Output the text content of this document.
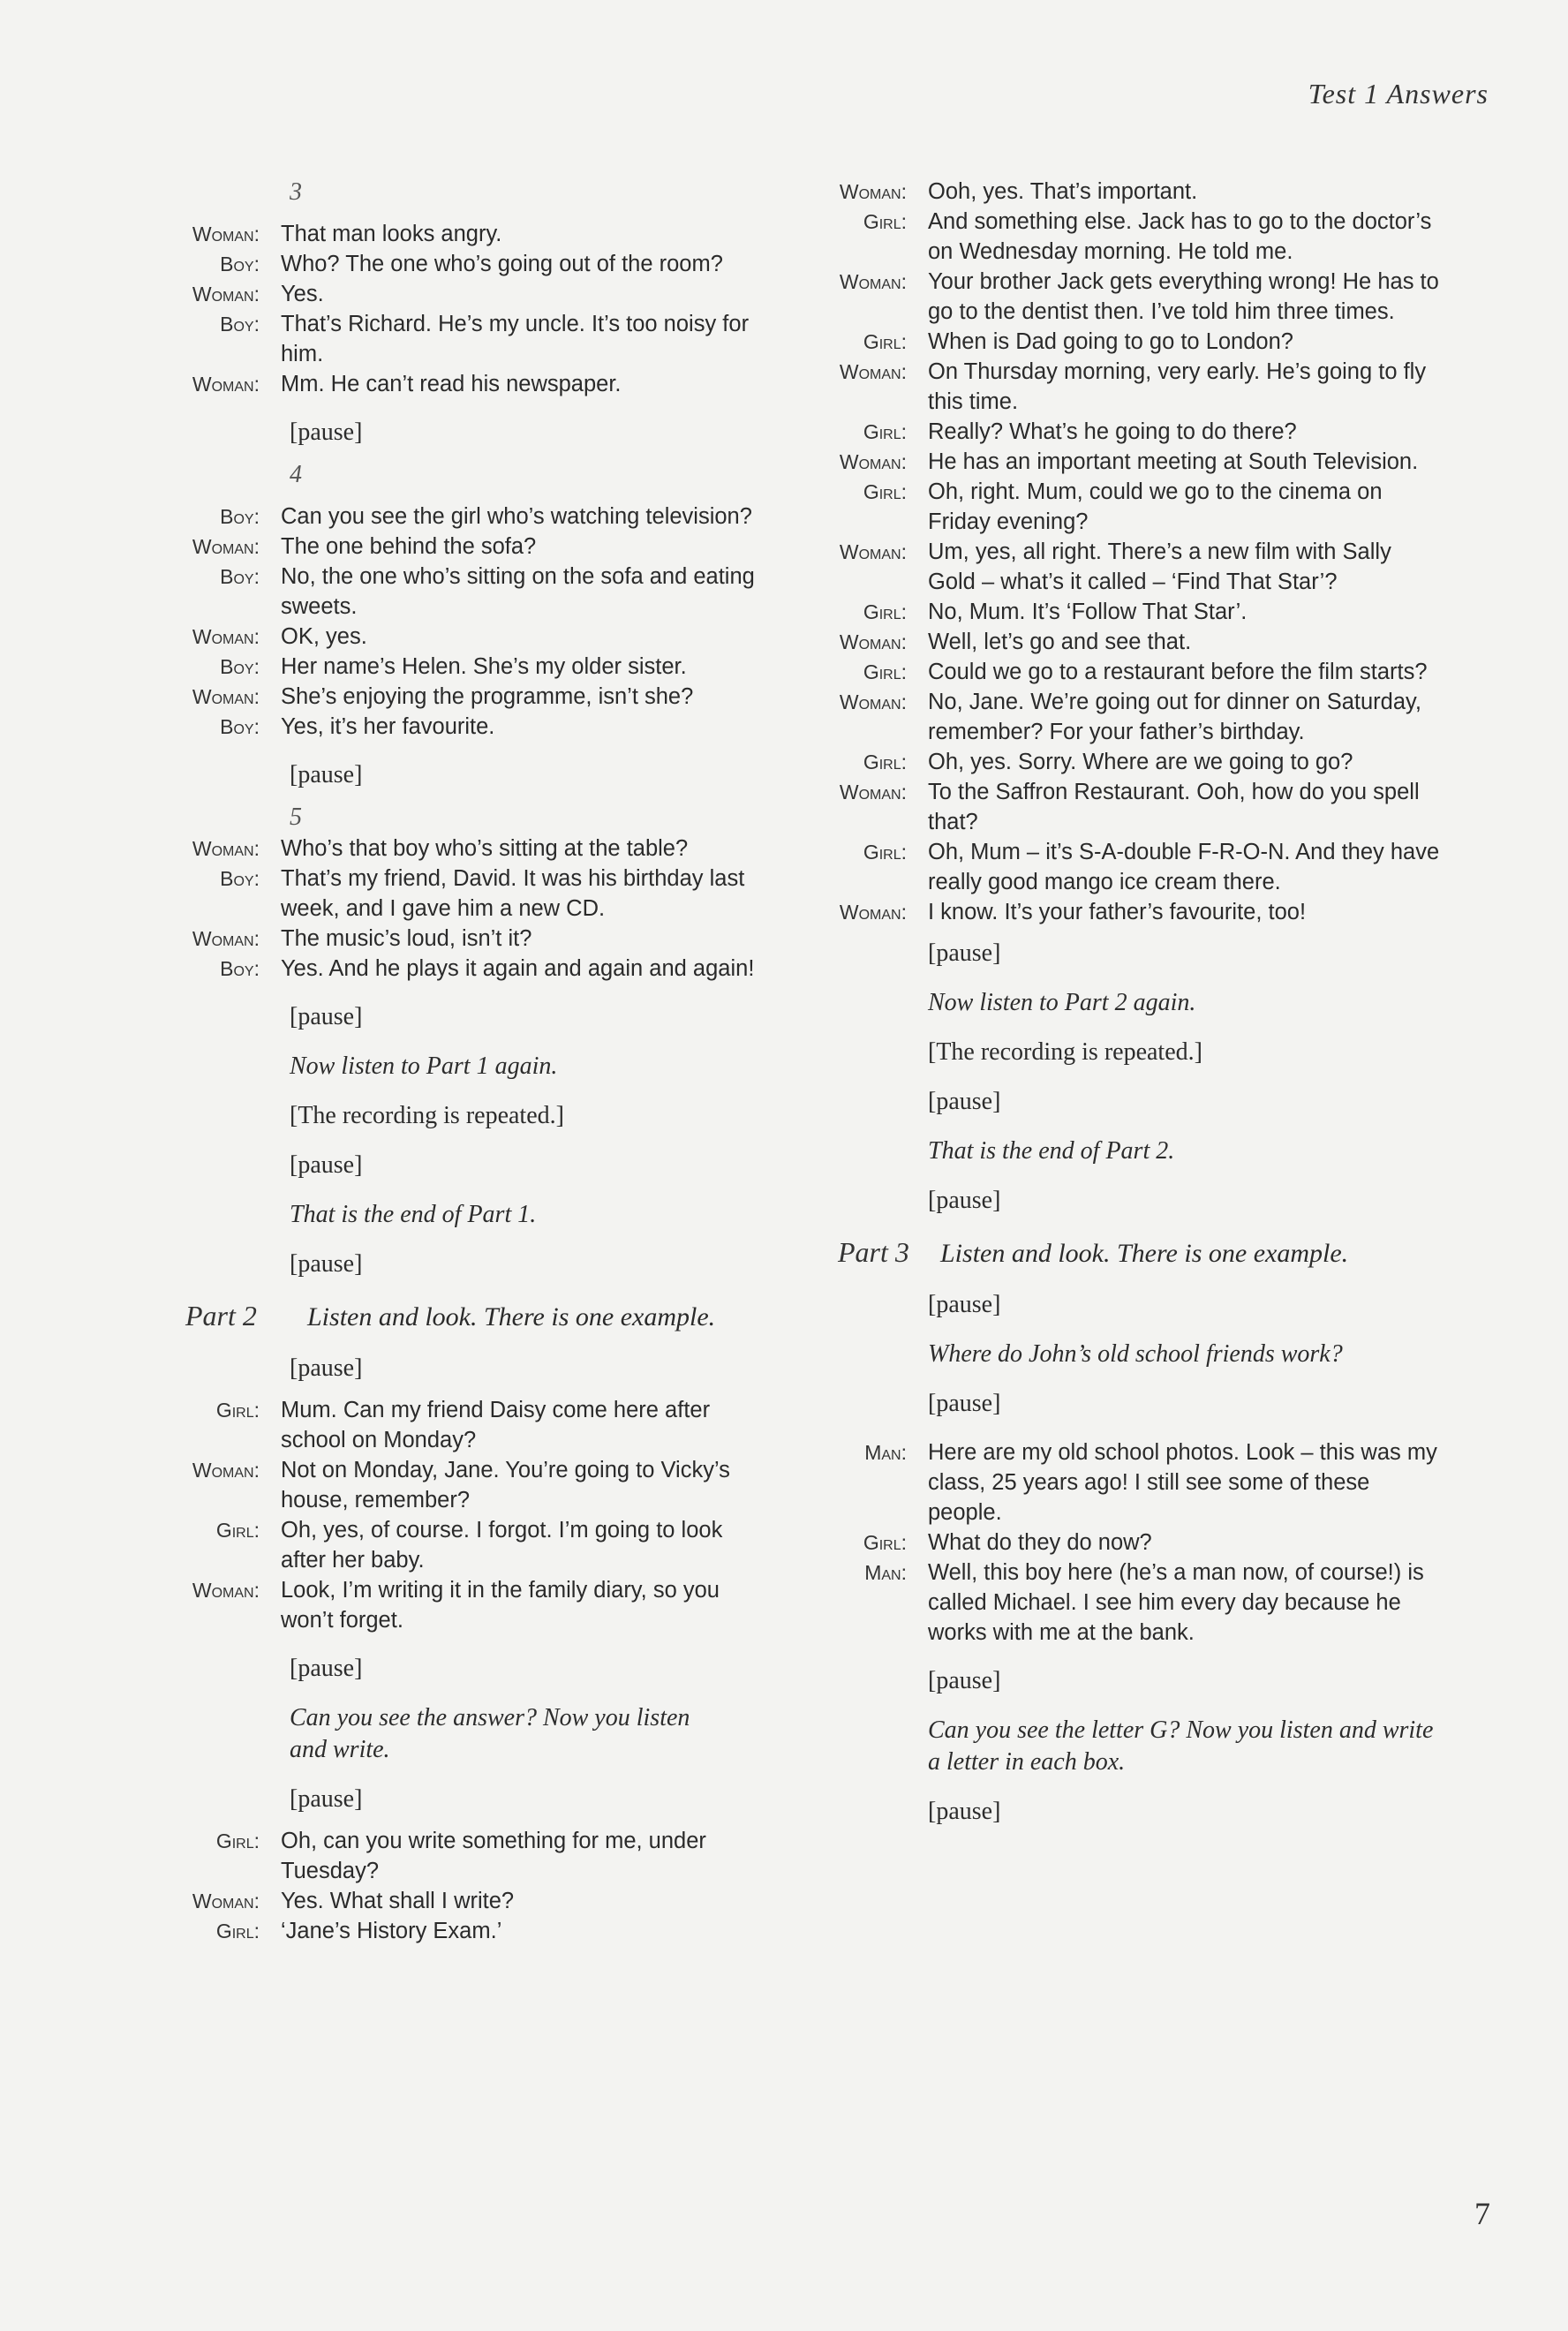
Test 1 Answers
3
Woman: That man looks angry.
Boy: Who? The one who’s going out of the room?
Woman: Yes.
Boy: That’s Richard. He’s my uncle. It’s too noisy for him.
Woman: Mm. He can’t read his newspaper.
[pause]
4
Boy: Can you see the girl who’s watching television?
Woman: The one behind the sofa?
Boy: No, the one who’s sitting on the sofa and eating sweets.
Woman: OK, yes.
Boy: Her name’s Helen. She’s my older sister.
Woman: She’s enjoying the programme, isn’t she?
Boy: Yes, it’s her favourite.
[pause]
5
Woman: Who’s that boy who’s sitting at the table?
Boy: That’s my friend, David. It was his birthday last week, and I gave him a new CD.
Woman: The music’s loud, isn’t it?
Boy: Yes. And he plays it again and again and again!
[pause]
Now listen to Part 1 again.
[The recording is repeated.]
[pause]
That is the end of Part 1.
[pause]
Part 2	Listen and look. There is one example.
[pause]
Girl: Mum. Can my friend Daisy come here after school on Monday?
Woman: Not on Monday, Jane. You’re going to Vicky’s house, remember?
Girl: Oh, yes, of course. I forgot. I’m going to look after her baby.
Woman: Look, I’m writing it in the family diary, so you won’t forget.
[pause]
Can you see the answer? Now you listen and write.
[pause]
Girl: Oh, can you write something for me, under Tuesday?
Woman: Yes. What shall I write?
Girl: ‘Jane’s History Exam.’
Woman: Ooh, yes. That’s important.
Girl: And something else. Jack has to go to the doctor’s on Wednesday morning. He told me.
Woman: Your brother Jack gets everything wrong! He has to go to the dentist then. I’ve told him three times.
Girl: When is Dad going to go to London?
Woman: On Thursday morning, very early. He’s going to fly this time.
Girl: Really? What’s he going to do there?
Woman: He has an important meeting at South Television.
Girl: Oh, right. Mum, could we go to the cinema on Friday evening?
Woman: Um, yes, all right. There’s a new film with Sally Gold – what’s it called – ‘Find That Star’?
Girl: No, Mum. It’s ‘Follow That Star’.
Woman: Well, let’s go and see that.
Girl: Could we go to a restaurant before the film starts?
Woman: No, Jane. We’re going out for dinner on Saturday, remember? For your father’s birthday.
Girl: Oh, yes. Sorry. Where are we going to go?
Woman: To the Saffron Restaurant. Ooh, how do you spell that?
Girl: Oh, Mum – it’s S-A-double F-R-O-N. And they have really good mango ice cream there.
Woman: I know. It’s your father’s favourite, too!
[pause]
Now listen to Part 2 again.
[The recording is repeated.]
[pause]
That is the end of Part 2.
[pause]
Part 3	Listen and look. There is one example.
[pause]
Where do John’s old school friends work?
[pause]
Man: Here are my old school photos. Look – this was my class, 25 years ago! I still see some of these people.
Girl: What do they do now?
Man: Well, this boy here (he’s a man now, of course!) is called Michael. I see him every day because he works with me at the bank.
[pause]
Can you see the letter G? Now you listen and write a letter in each box.
[pause]
7
